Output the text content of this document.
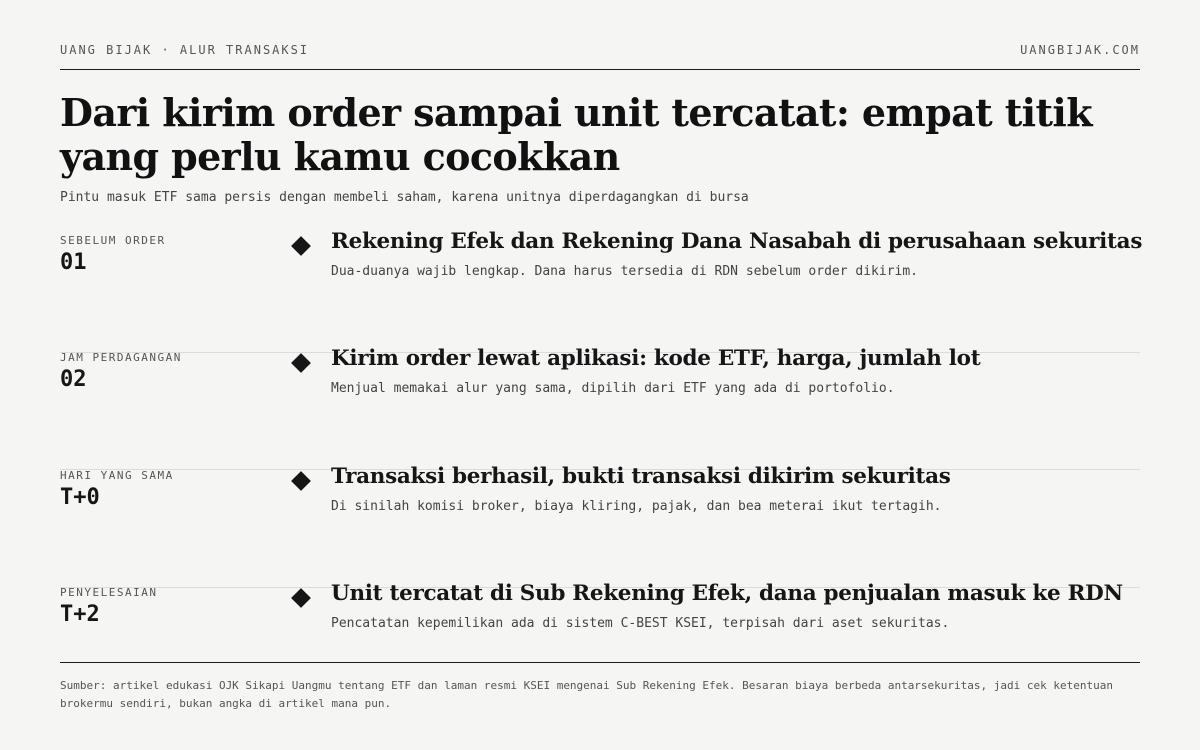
UANG BIJAK · ALUR TRANSAKSI	UANGBIJAK.COM
Dari kirim order sampai unit tercatat: empat titik yang perlu kamu cocokkan
Pintu masuk ETF sama persis dengan membeli saham, karena unitnya diperdagangkan di bursa
SEBELUM ORDER
01
Rekening Efek dan Rekening Dana Nasabah di perusahaan sekuritas
Dua-duanya wajib lengkap. Dana harus tersedia di RDN sebelum order dikirim.
JAM PERDAGANGAN
02
Kirim order lewat aplikasi: kode ETF, harga, jumlah lot
Menjual memakai alur yang sama, dipilih dari ETF yang ada di portofolio.
HARI YANG SAMA
T+0
Transaksi berhasil, bukti transaksi dikirim sekuritas
Di sinilah komisi broker, biaya kliring, pajak, dan bea meterai ikut tertagih.
PENYELESAIAN
T+2
Unit tercatat di Sub Rekening Efek, dana penjualan masuk ke RDN
Pencatatan kepemilikan ada di sistem C-BEST KSEI, terpisah dari aset sekuritas.
Sumber: artikel edukasi OJK Sikapi Uangmu tentang ETF dan laman resmi KSEI mengenai Sub Rekening Efek. Besaran biaya berbeda antarsekuritas, jadi cek ketentuan brokermu sendiri, bukan angka di artikel mana pun.
